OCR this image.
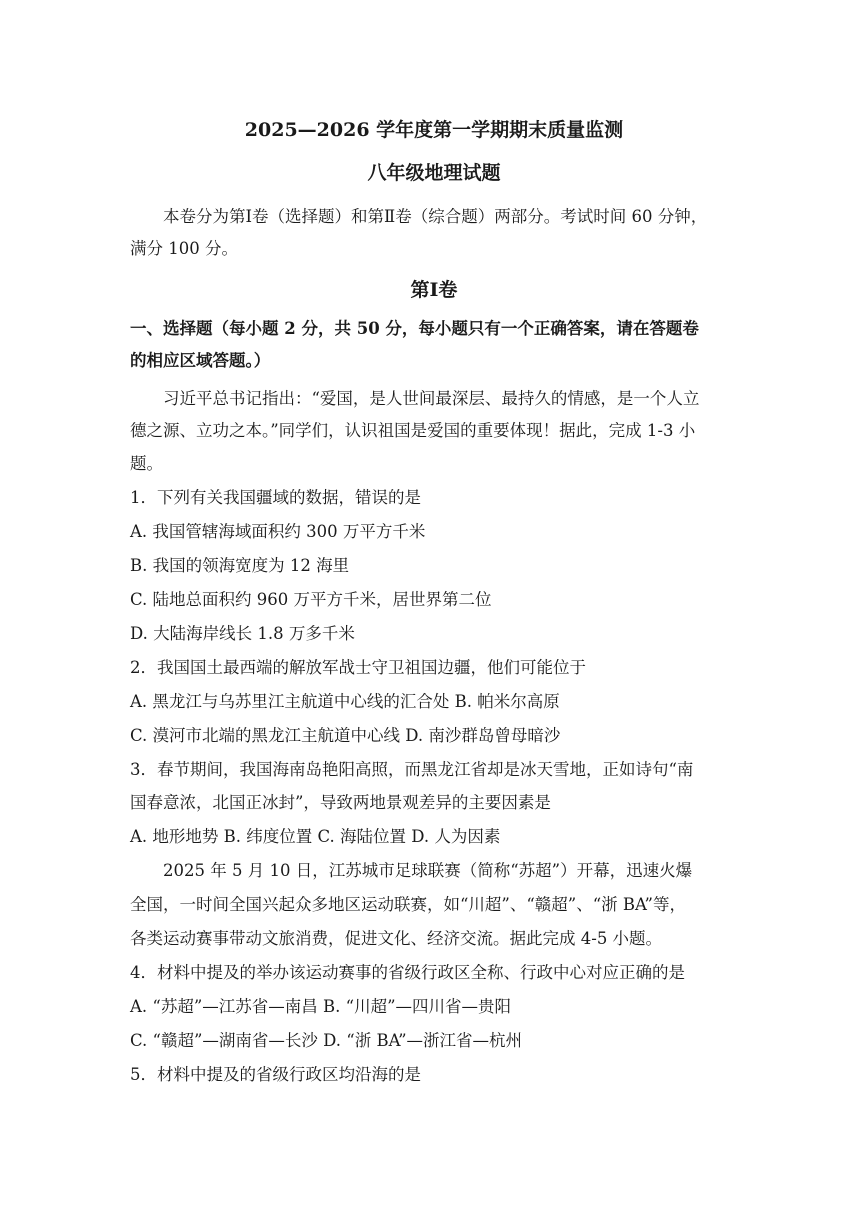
2025—2026 学年度第一学期期末质量监测
八年级地理试题
本卷分为第Ⅰ卷（选择题）和第Ⅱ卷（综合题）两部分。考试时间 60 分钟，
满分 100 分。
第Ⅰ卷
一、选择题（每小题 2 分，共 50 分，每小题只有一个正确答案，请在答题卷
的相应区域答题。）
习近平总书记指出：“爱国，是人世间最深层、最持久的情感，是一个人立
德之源、立功之本。”同学们，认识祖国是爱国的重要体现！据此，完成 1-3 小
题。
1．下列有关我国疆域的数据，错误的是
A. 我国管辖海域面积约 300 万平方千米
B. 我国的领海宽度为 12 海里
C. 陆地总面积约 960 万平方千米，居世界第二位
D. 大陆海岸线长 1.8 万多千米
2．我国国土最西端的解放军战士守卫祖国边疆，他们可能位于
A. 黑龙江与乌苏里江主航道中心线的汇合处 B. 帕米尔高原
C. 漠河市北端的黑龙江主航道中心线 D. 南沙群岛曾母暗沙
3．春节期间，我国海南岛艳阳高照，而黑龙江省却是冰天雪地，正如诗句“南
国春意浓，北国正冰封”，导致两地景观差异的主要因素是
A. 地形地势 B. 纬度位置 C. 海陆位置 D. 人为因素
2025 年 5 月 10 日，江苏城市足球联赛（简称“苏超”）开幕，迅速火爆
全国，一时间全国兴起众多地区运动联赛，如“川超”、“赣超”、“浙 BA”等，
各类运动赛事带动文旅消费，促进文化、经济交流。据此完成 4-5 小题。
4．材料中提及的举办该运动赛事的省级行政区全称、行政中心对应正确的是
A. “苏超”—江苏省—南昌 B. “川超”—四川省—贵阳
C. “赣超”—湖南省—长沙 D. “浙 BA”—浙江省—杭州
5．材料中提及的省级行政区均沿海的是
